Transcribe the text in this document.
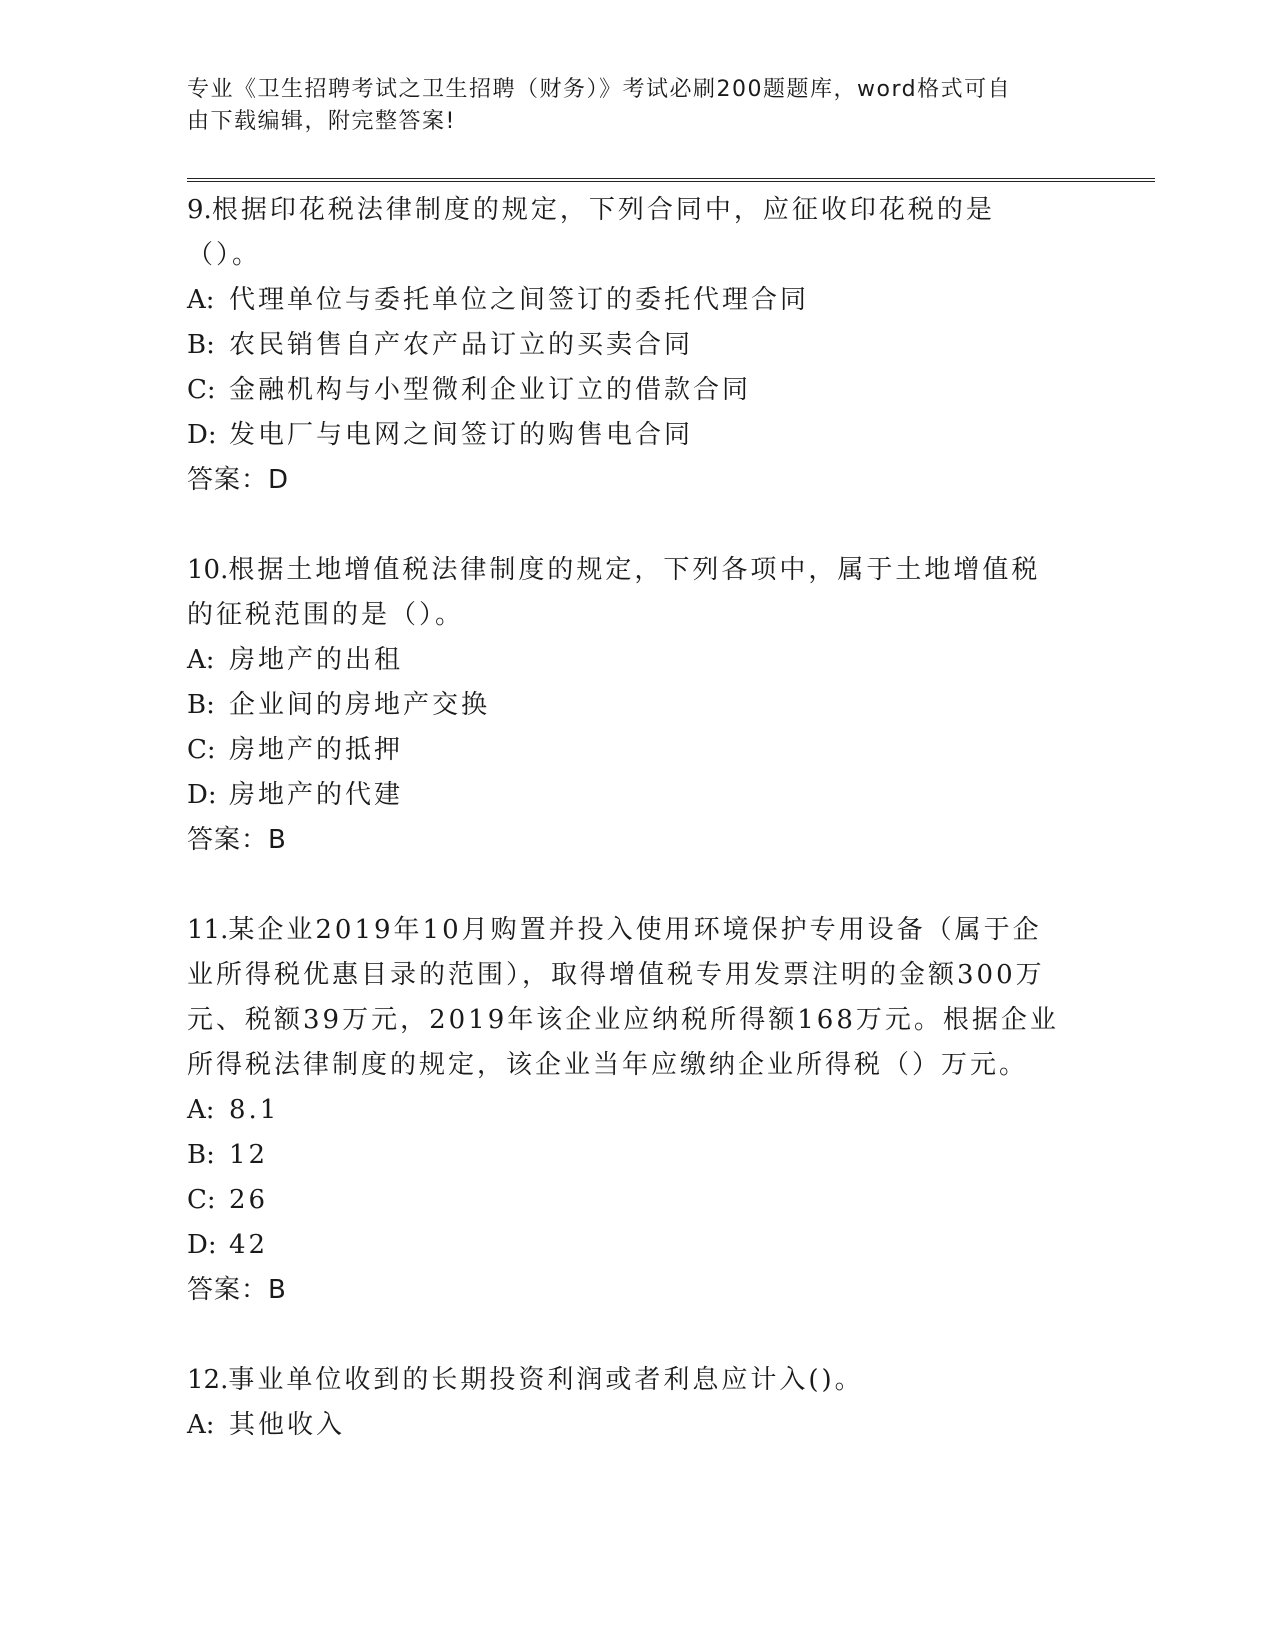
专业《卫生招聘考试之卫生招聘（财务）》考试必刷200题题库，word格式可自
由下载编辑，附完整答案!
9.根据印花税法律制度的规定，下列合同中，应征收印花税的是（）。
A: 代理单位与委托单位之间签订的委托代理合同
B: 农民销售自产农产品订立的买卖合同
C: 金融机构与小型微利企业订立的借款合同
D: 发电厂与电网之间签订的购售电合同
答案：D
10.根据土地增值税法律制度的规定，下列各项中，属于土地增值税的征税范围的是（）。
A: 房地产的出租
B: 企业间的房地产交换
C: 房地产的抵押
D: 房地产的代建
答案：B
11.某企业2019年10月购置并投入使用环境保护专用设备（属于企业所得税优惠目录的范围），取得增值税专用发票注明的金额300万元、税额39万元，2019年该企业应纳税所得额168万元。根据企业所得税法律制度的规定，该企业当年应缴纳企业所得税（）万元。
A: 8.1
B: 12
C: 26
D: 42
答案：B
12.事业单位收到的长期投资利润或者利息应计入()。
A: 其他收入
